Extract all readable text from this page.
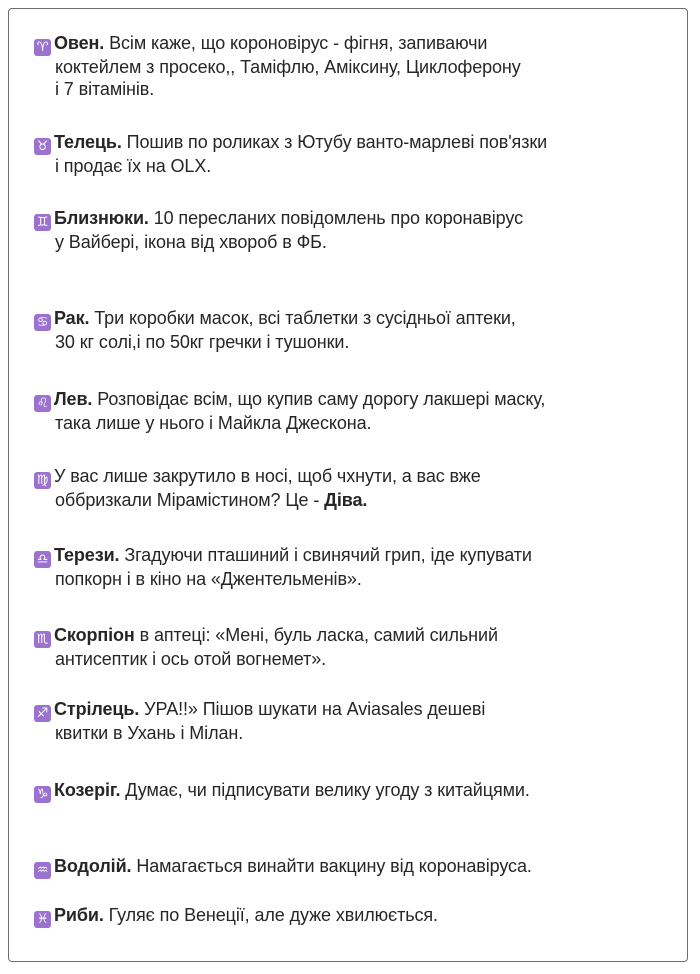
♈ Овен. Всім каже, що короновірус - фігня, запиваючи
коктейлем з просеко,, Таміфлю, Аміксину, Циклоферону
і 7 вітамінів.
♉ Телець. Пошив по роликах з Ютубу ванто-марлеві пов'язки
і продає їх на OLX.
♊ Близнюки. 10 пересланих повідомлень про коронавірус
у Вайбері, ікона від хвороб в ФБ.
♋ Рак. Три коробки масок, всі таблетки з сусідньої аптеки,
30 кг солі,і по 50кг гречки і тушонки.
♌ Лев. Розповідає всім, що купив саму дорогу лакшері маску,
така лише у нього і Майкла Джескона.
♍ У вас лише закрутило в носі, щоб чхнути, а вас вже
оббризкали Мірамістином? Це - Діва.
♎ Терези. Згадуючи пташиний і свинячий грип, іде купувати
попкорн і в кіно на «Джентельменів».
♏ Скорпіон в аптеці: «Мені, буль ласка, самий сильний
антисептик і ось отой вогнемет».
♐ Стрілець. УРА!!» Пішов шукати на Aviasales дешеві
квитки в Ухань і Мілан.
♑ Козеріг. Думає, чи підписувати велику угоду з китайцями.
♒ Водолій. Намагається винайти вакцину від коронавіруса.
♓ Риби. Гуляє по Венеції, але дуже хвилюється.
